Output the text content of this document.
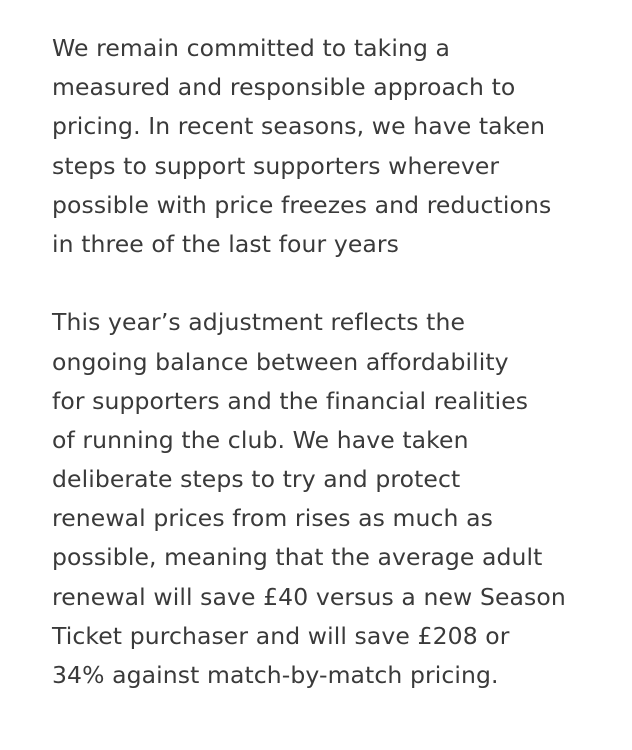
We remain committed to taking a
measured and responsible approach to
pricing. In recent seasons, we have taken
steps to support supporters wherever
possible with price freezes and reductions
in three of the last four years

This year’s adjustment reflects the
ongoing balance between affordability
for supporters and the financial realities
of running the club. We have taken
deliberate steps to try and protect
renewal prices from rises as much as
possible, meaning that the average adult
renewal will save £40 versus a new Season
Ticket purchaser and will save £208 or
34% against match-by-match pricing.
